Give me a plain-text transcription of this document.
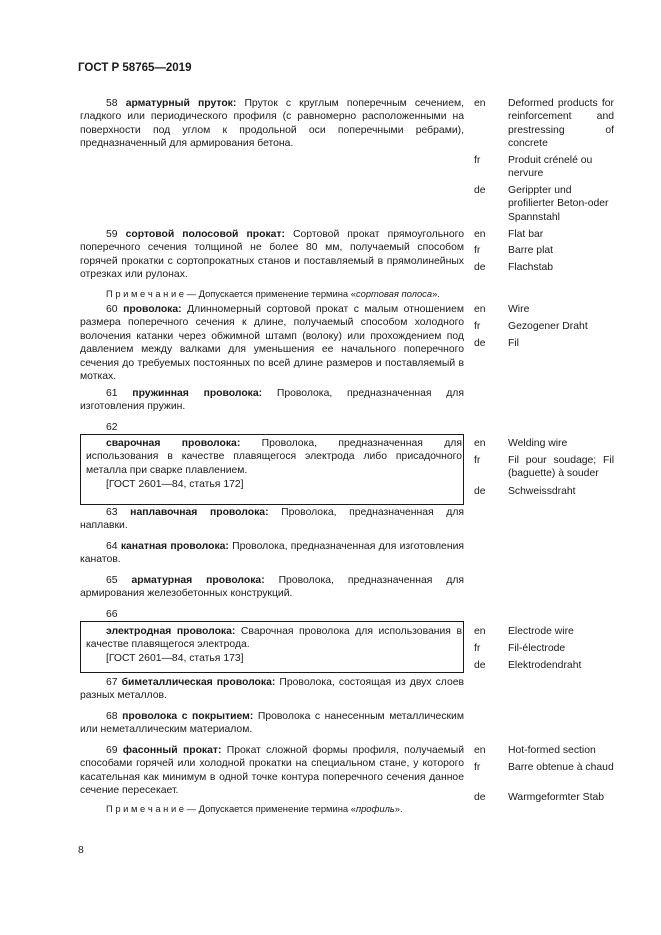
ГОСТ Р 58765—2019
58 арматурный пруток: Пруток с круглым поперечным сечением, гладкого или периодического профиля (с равномерно расположенными на поверхности под углом к продольной оси поперечными ребрами), предназначенный для армирования бетона.
en	Deformed products for reinforcement and prestressing of concrete
fr	Produit crénelé ou nervure
de	Gerippter und profilierter Beton-oder Spannstahl
59 сортовой полосовой прокат: Сортовой прокат прямоугольного поперечного сечения толщиной не более 80 мм, получаемый способом горячей прокатки с сортопрокатных станов и поставляемый в прямолинейных отрезках или рулонах.
en	Flat bar
fr	Barre plat
de	Flachstab
П р и м е ч а н и е — Допускается применение термина «сортовая полоса».
60 проволока: Длинномерный сортовой прокат с малым отношением размера поперечного сечения к длине, получаемый способом холодного волочения катанки через обжимной штамп (волоку) или прохождением под давлением между валками для уменьшения ее начального поперечного сечения до требуемых постоянных по всей длине размеров и поставляемый в мотках.
en	Wire
fr	Gezogener Draht
de	Fil
61 пружинная проволока: Проволока, предназначенная для изготовления пружин.
62
сварочная проволока: Проволока, предназначенная для использования в качестве плавящегося электрода либо присадочного металла при сварке плавлением.
[ГОСТ 2601—84, статья 172]
en	Welding wire
fr	Fil pour soudage; Fil (baguette) à souder
de	Schweissdraht
63 наплавочная проволока: Проволока, предназначенная для наплавки.
64 канатная проволока: Проволока, предназначенная для изготовления канатов.
65 арматурная проволока: Проволока, предназначенная для армирования железобетонных конструкций.
66
электродная проволока: Сварочная проволока для использования в качестве плавящегося электрода.
[ГОСТ 2601—84, статья 173]
en	Electrode wire
fr	Fil-électrode
de	Elektrodendraht
67 биметаллическая проволока: Проволока, состоящая из двух слоев разных металлов.
68 проволока с покрытием: Проволока с нанесенным металлическим или неметаллическим материалом.
69 фасонный прокат: Прокат сложной формы профиля, получаемый способами горячей или холодной прокатки на специальном стане, у которого касательная как минимум в одной точке контура поперечного сечения данное сечение пересекает.
en	Hot-formed section
fr	Barre obtenue à chaud
de	Warmgeformter Stab
П р и м е ч а н и е — Допускается применение термина «профиль».
8
